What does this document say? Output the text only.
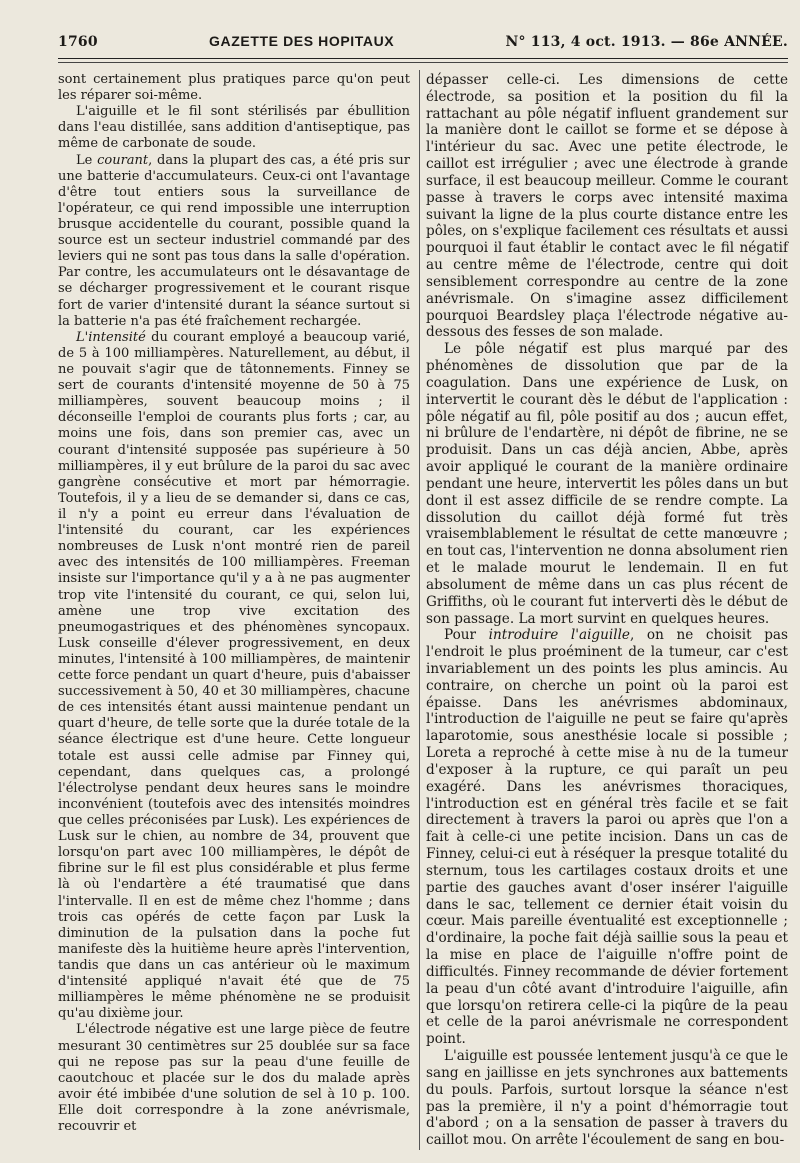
1760	GAZETTE DES HOPITAUX	N° 113, 4 oct. 1913. — 86e ANNÉE.

sont certainement plus pratiques parce qu'on peut les réparer soi-même.

L'aiguille et le fil sont stérilisés par ébullition dans l'eau distillée, sans addition d'antiseptique, pas même de carbonate de soude.

Le courant, dans la plupart des cas, a été pris sur une batterie d'accumulateurs. Ceux-ci ont l'avantage d'être tout entiers sous la surveillance de l'opérateur, ce qui rend impossible une interruption brusque accidentelle du courant, possible quand la source est un secteur industriel commandé par des leviers qui ne sont pas tous dans la salle d'opération. Par contre, les accumulateurs ont le désavantage de se décharger progressivement et le courant risque fort de varier d'intensité durant la séance surtout si la batterie n'a pas été fraîchement rechargée.

L'intensité du courant employé a beaucoup varié, de 5 à 100 milliampères. Naturellement, au début, il ne pouvait s'agir que de tâtonnements. Finney se sert de courants d'intensité moyenne de 50 à 75 milliampères, souvent beaucoup moins ; il déconseille l'emploi de courants plus forts ; car, au moins une fois, dans son premier cas, avec un courant d'intensité supposée pas supérieure à 50 milliampères, il y eut brûlure de la paroi du sac avec gangrène consécutive et mort par hémorragie. Toutefois, il y a lieu de se demander si, dans ce cas, il n'y a point eu erreur dans l'évaluation de l'intensité du courant, car les expériences nombreuses de Lusk n'ont montré rien de pareil avec des intensités de 100 milliampères. Freeman insiste sur l'importance qu'il y a à ne pas augmenter trop vite l'intensité du courant, ce qui, selon lui, amène une trop vive excitation des pneumogastriques et des phénomènes syncopaux. Lusk conseille d'élever progressivement, en deux minutes, l'intensité à 100 milliampères, de maintenir cette force pendant un quart d'heure, puis d'abaisser successivement à 50, 40 et 30 milliampères, chacune de ces intensités étant aussi maintenue pendant un quart d'heure, de telle sorte que la durée totale de la séance électrique est d'une heure. Cette longueur totale est aussi celle admise par Finney qui, cependant, dans quelques cas, a prolongé l'électrolyse pendant deux heures sans le moindre inconvénient (toutefois avec des intensités moindres que celles préconisées par Lusk). Les expériences de Lusk sur le chien, au nombre de 34, prouvent que lorsqu'on part avec 100 milliampères, le dépôt de fibrine sur le fil est plus considérable et plus ferme là où l'endartère a été traumatisé que dans l'intervalle. Il en est de même chez l'homme ; dans trois cas opérés de cette façon par Lusk la diminution de la pulsation dans la poche fut manifeste dès la huitième heure après l'intervention, tandis que dans un cas antérieur où le maximum d'intensité appliqué n'avait été que de 75 milliampères le même phénomène ne se produisit qu'au dixième jour.

L'électrode négative est une large pièce de feutre mesurant 30 centimètres sur 25 doublée sur sa face qui ne repose pas sur la peau d'une feuille de caoutchouc et placée sur le dos du malade après avoir été imbibée d'une solution de sel à 10 p. 100. Elle doit correspondre à la zone anévrismale, recouvrir et

dépasser celle-ci. Les dimensions de cette électrode, sa position et la position du fil la rattachant au pôle négatif influent grandement sur la manière dont le caillot se forme et se dépose à l'intérieur du sac. Avec une petite électrode, le caillot est irrégulier ; avec une électrode à grande surface, il est beaucoup meilleur. Comme le courant passe à travers le corps avec intensité maxima suivant la ligne de la plus courte distance entre les pôles, on s'explique facilement ces résultats et aussi pourquoi il faut établir le contact avec le fil négatif au centre même de l'électrode, centre qui doit sensiblement correspondre au centre de la zone anévrismale. On s'imagine assez difficilement pourquoi Beardsley plaça l'électrode négative au-dessous des fesses de son malade.

Le pôle négatif est plus marqué par des phénomènes de dissolution que par de la coagulation. Dans une expérience de Lusk, on intervertit le courant dès le début de l'application : pôle négatif au fil, pôle positif au dos ; aucun effet, ni brûlure de l'endartère, ni dépôt de fibrine, ne se produisit. Dans un cas déjà ancien, Abbe, après avoir appliqué le courant de la manière ordinaire pendant une heure, intervertit les pôles dans un but dont il est assez difficile de se rendre compte. La dissolution du caillot déjà formé fut très vraisemblablement le résultat de cette manœuvre ; en tout cas, l'intervention ne donna absolument rien et le malade mourut le lendemain. Il en fut absolument de même dans un cas plus récent de Griffiths, où le courant fut interverti dès le début de son passage. La mort survint en quelques heures.

Pour introduire l'aiguille, on ne choisit pas l'endroit le plus proéminent de la tumeur, car c'est invariablement un des points les plus amincis. Au contraire, on cherche un point où la paroi est épaisse. Dans les anévrismes abdominaux, l'introduction de l'aiguille ne peut se faire qu'après laparotomie, sous anesthésie locale si possible ; Loreta a reproché à cette mise à nu de la tumeur d'exposer à la rupture, ce qui paraît un peu exagéré. Dans les anévrismes thoraciques, l'introduction est en général très facile et se fait directement à travers la paroi ou après que l'on a fait à celle-ci une petite incision. Dans un cas de Finney, celui-ci eut à réséquer la presque totalité du sternum, tous les cartilages costaux droits et une partie des gauches avant d'oser insérer l'aiguille dans le sac, tellement ce dernier était voisin du cœur. Mais pareille éventualité est exceptionnelle ; d'ordinaire, la poche fait déjà saillie sous la peau et la mise en place de l'aiguille n'offre point de difficultés. Finney recommande de dévier fortement la peau d'un côté avant d'introduire l'aiguille, afin que lorsqu'on retirera celle-ci la piqûre de la peau et celle de la paroi anévrismale ne correspondent point.

L'aiguille est poussée lentement jusqu'à ce que le sang en jaillisse en jets synchrones aux battements du pouls. Parfois, surtout lorsque la séance n'est pas la première, il n'y a point d'hémorragie tout d'abord ; on a la sensation de passer à travers du caillot mou. On arrête l'écoulement de sang en bou-
